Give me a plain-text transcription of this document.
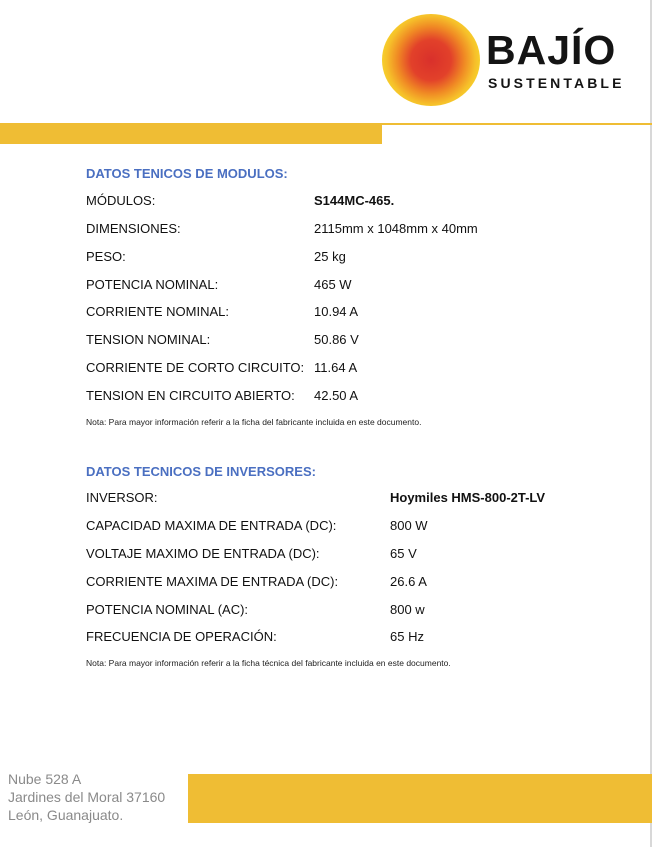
BAJÍO
SUSTENTABLE
DATOS TENICOS DE MODULOS:
MÓDULOS:	S144MC-465.
DIMENSIONES:	2115mm x 1048mm x 40mm
PESO:	25 kg
POTENCIA NOMINAL:	465 W
CORRIENTE NOMINAL:	10.94 A
TENSION NOMINAL:	50.86 V
CORRIENTE DE CORTO CIRCUITO: 11.64 A
TENSION EN CIRCUITO ABIERTO: 42.50 A
Nota: Para mayor información referir a la ficha del fabricante incluida en este documento.
DATOS TECNICOS DE INVERSORES:
INVERSOR:	Hoymiles HMS-800-2T-LV
CAPACIDAD MAXIMA DE ENTRADA (DC):	800 W
VOLTAJE MAXIMO DE ENTRADA (DC):	65 V
CORRIENTE MAXIMA DE ENTRADA (DC):	26.6 A
POTENCIA NOMINAL (AC):	800 w
FRECUENCIA DE OPERACIÓN:	65 Hz
Nota: Para mayor información referir a la ficha técnica del fabricante incluida en este documento.
Nube 528 A
Jardines del Moral 37160
León, Guanajuato.
